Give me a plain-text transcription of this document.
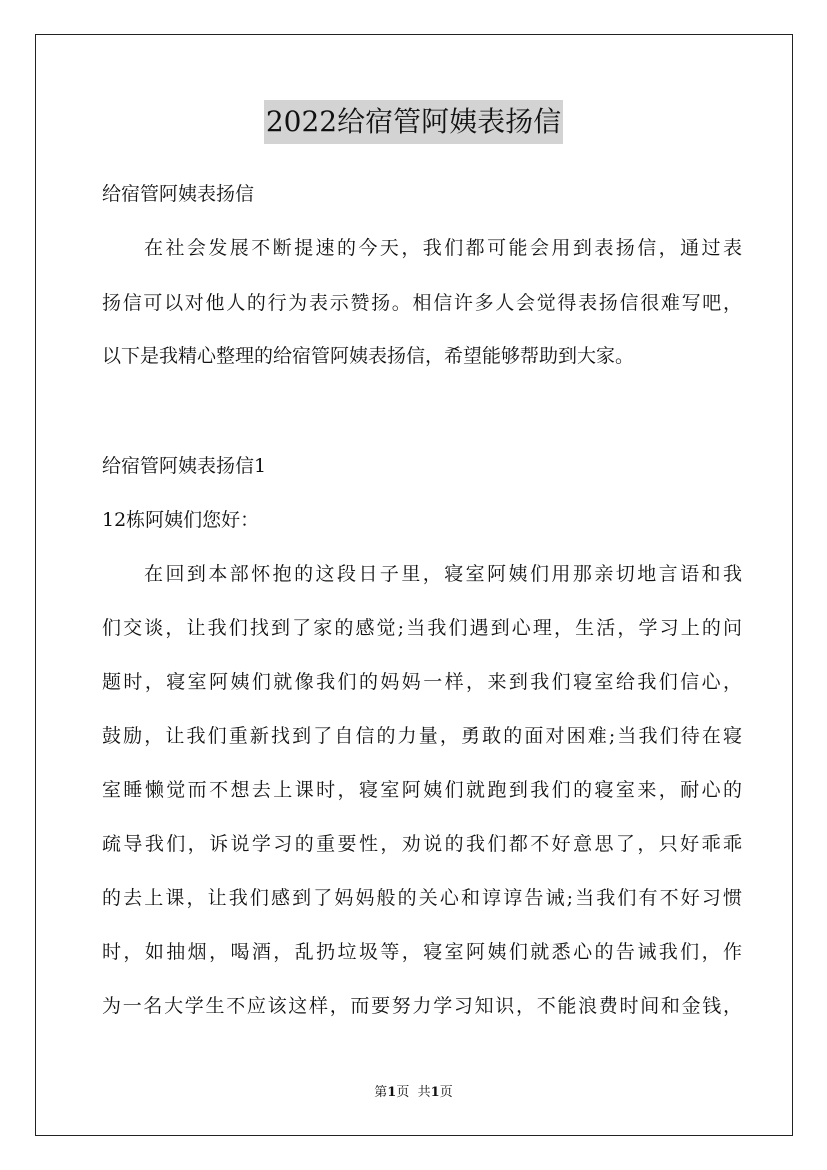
2022给宿管阿姨表扬信
给宿管阿姨表扬信
在社会发展不断提速的今天，我们都可能会用到表扬信，通过表
扬信可以对他人的行为表示赞扬。相信许多人会觉得表扬信很难写吧，
以下是我精心整理的给宿管阿姨表扬信，希望能够帮助到大家。
给宿管阿姨表扬信1
12栋阿姨们您好：
在回到本部怀抱的这段日子里，寝室阿姨们用那亲切地言语和我
们交谈，让我们找到了家的感觉;当我们遇到心理，生活，学习上的问
题时，寝室阿姨们就像我们的妈妈一样，来到我们寝室给我们信心，
鼓励，让我们重新找到了自信的力量，勇敢的面对困难;当我们待在寝
室睡懒觉而不想去上课时，寝室阿姨们就跑到我们的寝室来，耐心的
疏导我们，诉说学习的重要性，劝说的我们都不好意思了，只好乖乖
的去上课，让我们感到了妈妈般的关心和谆谆告诫;当我们有不好习惯
时，如抽烟，喝酒，乱扔垃圾等，寝室阿姨们就悉心的告诫我们，作
为一名大学生不应该这样，而要努力学习知识，不能浪费时间和金钱，
第1页 共1页
